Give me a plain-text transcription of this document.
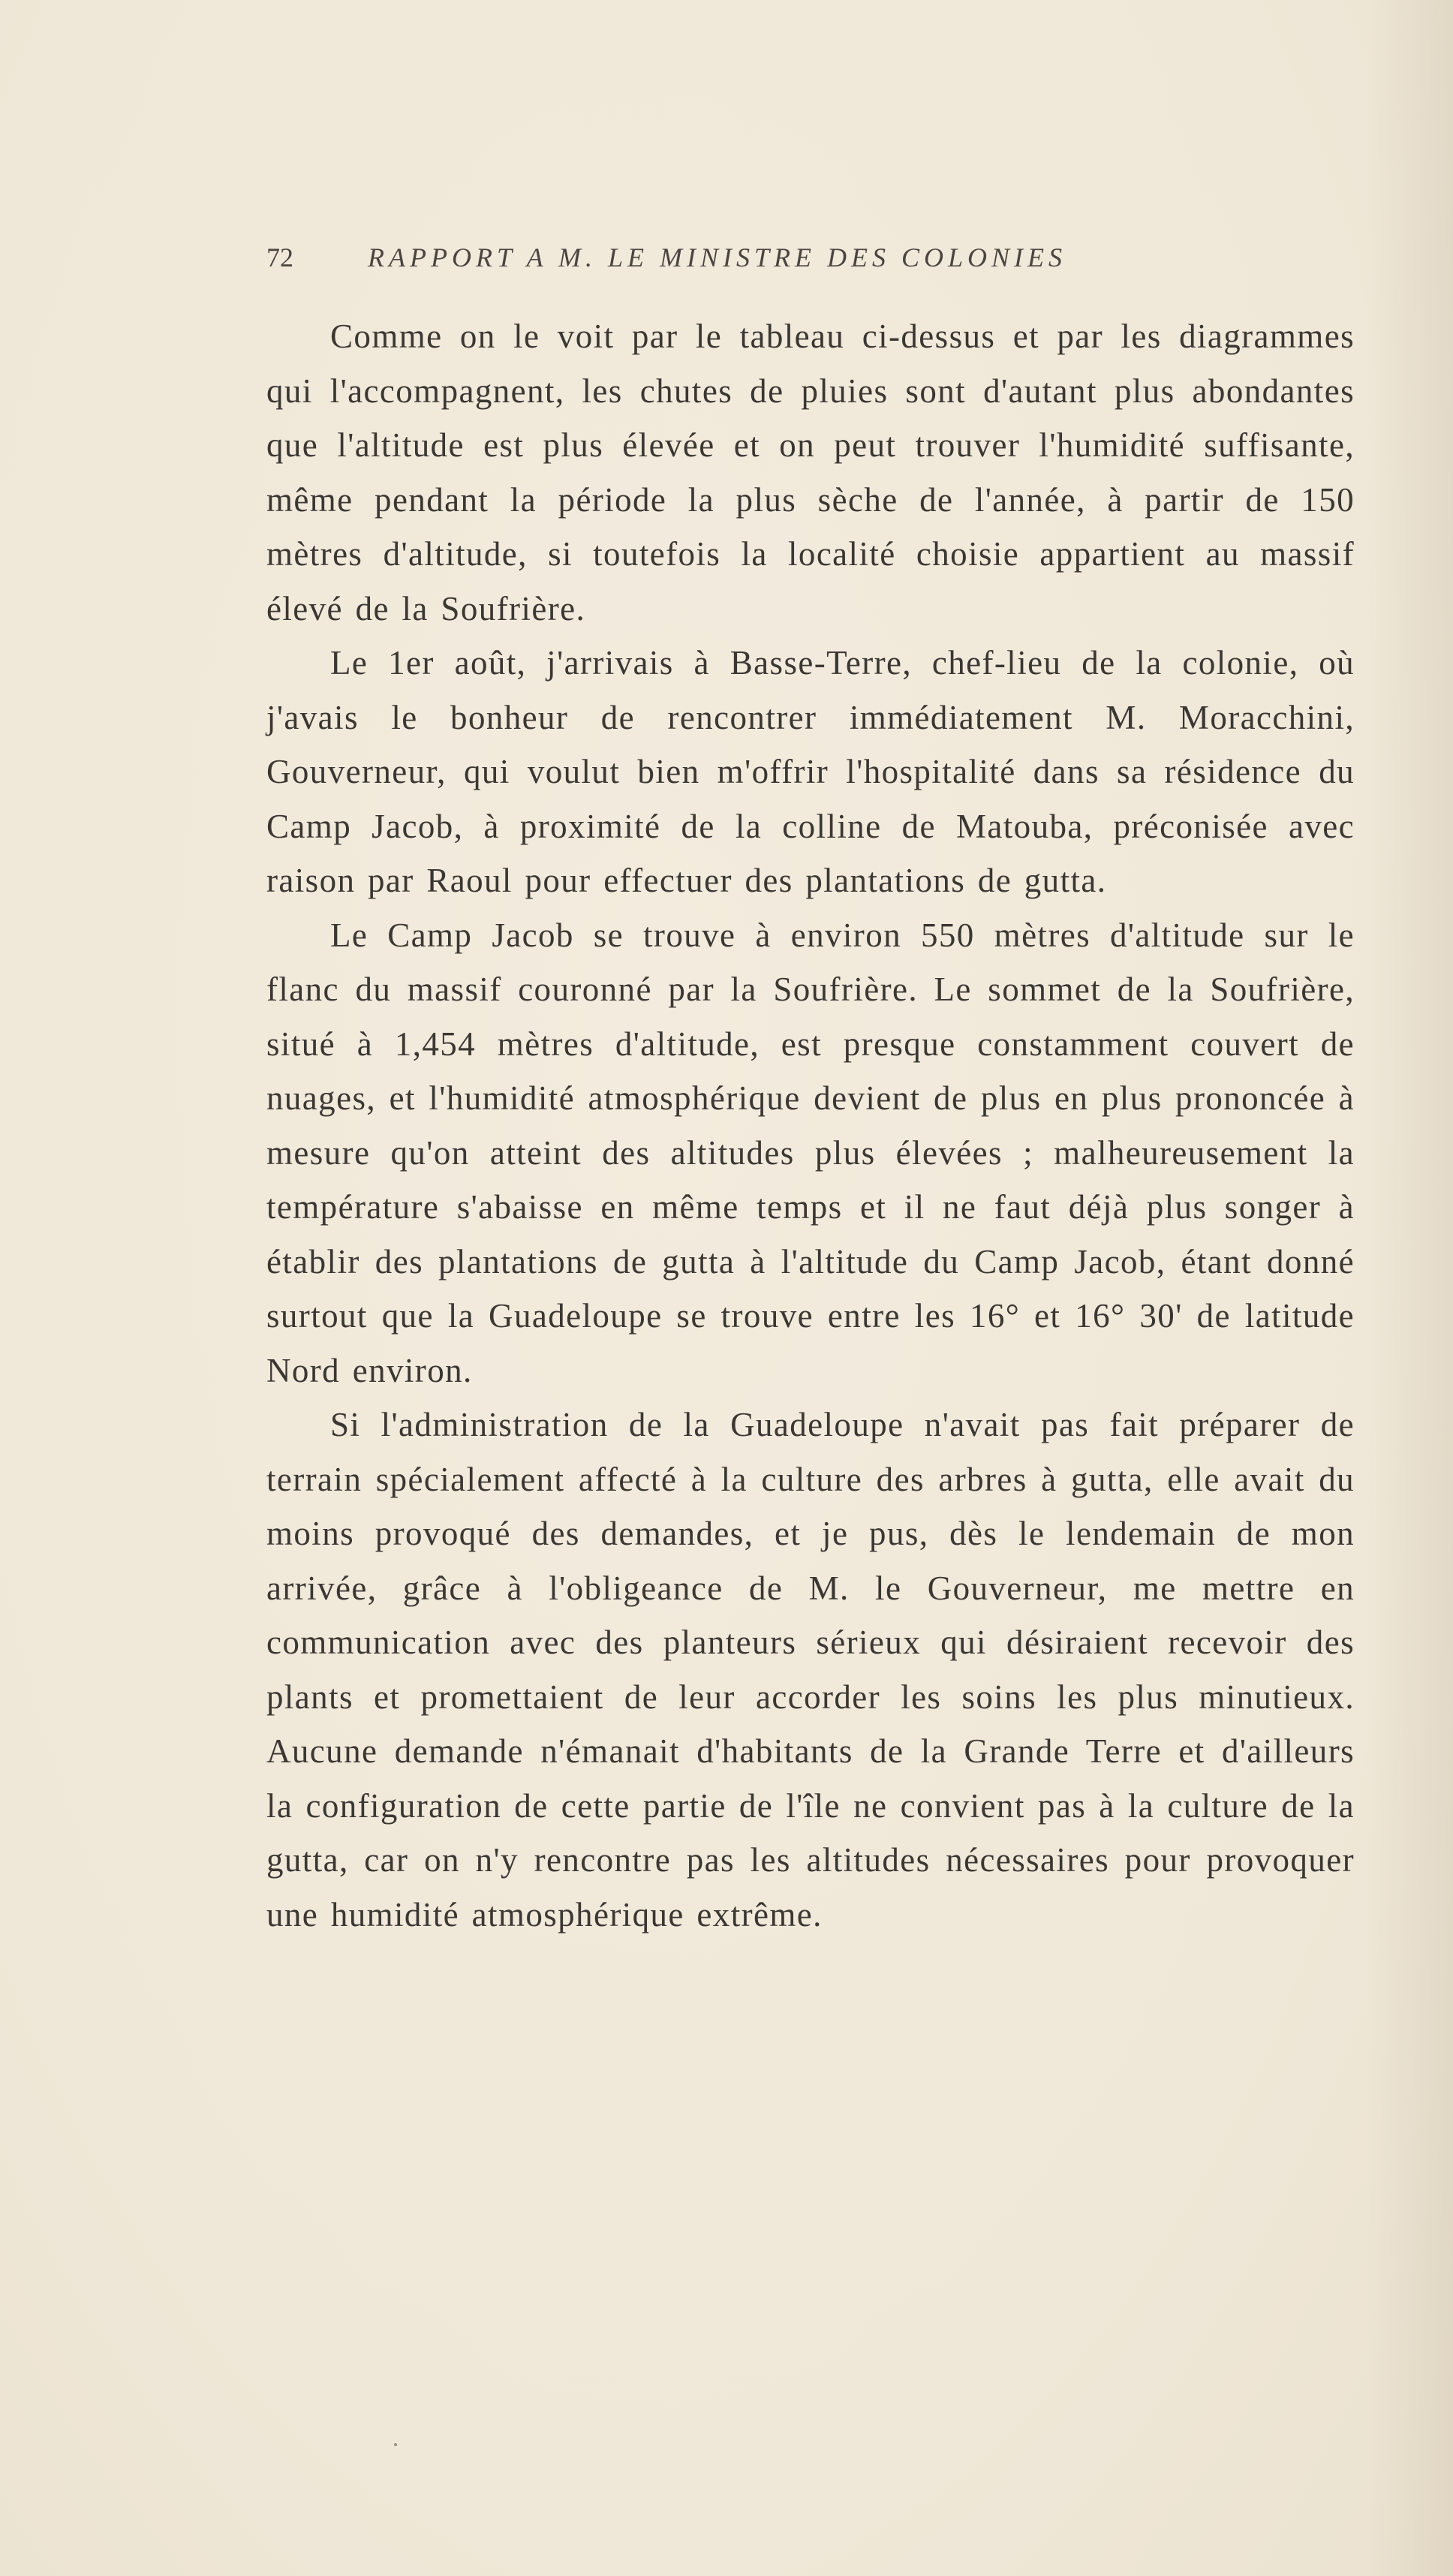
72	RAPPORT A M. LE MINISTRE DES COLONIES

Comme on le voit par le tableau ci-dessus et par les diagrammes qui l'accompagnent, les chutes de pluies sont d'autant plus abondantes que l'altitude est plus élevée et on peut trouver l'humidité suffisante, même pendant la période la plus sèche de l'année, à partir de 150 mètres d'altitude, si toutefois la localité choisie appartient au massif élevé de la Soufrière.

Le 1er août, j'arrivais à Basse-Terre, chef-lieu de la colonie, où j'avais le bonheur de rencontrer immédiatement M. Moracchini, Gouverneur, qui voulut bien m'offrir l'hospitalité dans sa résidence du Camp Jacob, à proximité de la colline de Matouba, préconisée avec raison par Raoul pour effectuer des plantations de gutta.

Le Camp Jacob se trouve à environ 550 mètres d'altitude sur le flanc du massif couronné par la Soufrière. Le sommet de la Soufrière, situé à 1,454 mètres d'altitude, est presque constamment couvert de nuages, et l'humidité atmosphérique devient de plus en plus prononcée à mesure qu'on atteint des altitudes plus élevées ; malheureusement la température s'abaisse en même temps et il ne faut déjà plus songer à établir des plantations de gutta à l'altitude du Camp Jacob, étant donné surtout que la Guadeloupe se trouve entre les 16° et 16° 30' de latitude Nord environ.

Si l'administration de la Guadeloupe n'avait pas fait préparer de terrain spécialement affecté à la culture des arbres à gutta, elle avait du moins provoqué des demandes, et je pus, dès le lendemain de mon arrivée, grâce à l'obligeance de M. le Gouverneur, me mettre en communication avec des planteurs sérieux qui désiraient recevoir des plants et promettaient de leur accorder les soins les plus minutieux. Aucune demande n'émanait d'habitants de la Grande Terre et d'ailleurs la configuration de cette partie de l'île ne convient pas à la culture de la gutta, car on n'y rencontre pas les altitudes nécessaires pour provoquer une humidité atmosphérique extrême.
